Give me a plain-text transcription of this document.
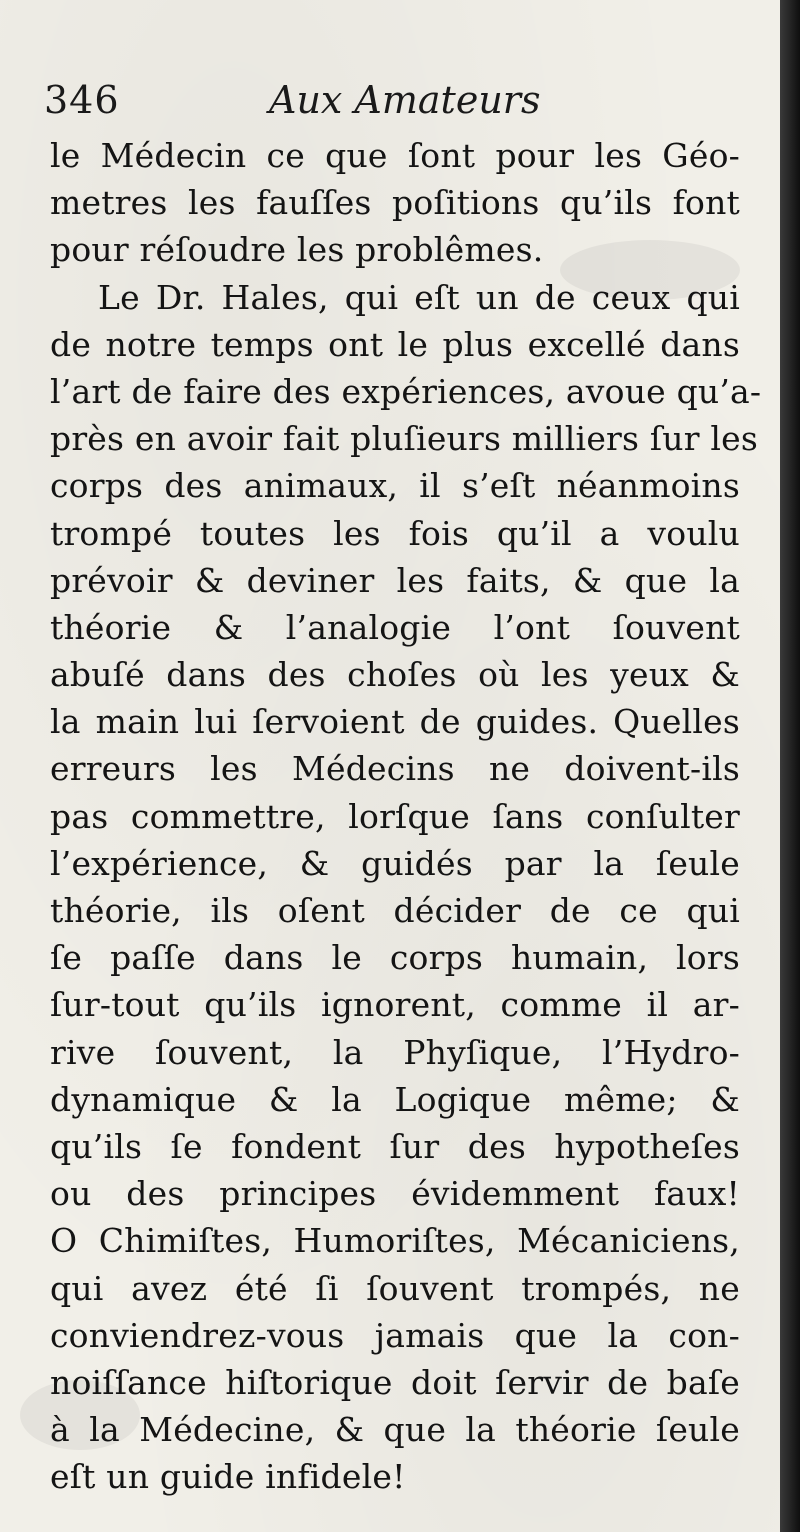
346	Aux Amateurs
le Médecin ce que ſont pour les Géo-
metres les fauſſes poſitions qu’ils font
pour réſoudre les problêmes.
Le Dr. Hales, qui eſt un de ceux qui
de notre temps ont le plus excellé dans
l’art de faire des expériences, avoue qu’a-
près en avoir fait pluſieurs milliers ſur les
corps des animaux, il s’eſt néanmoins
trompé toutes les fois qu’il a voulu
prévoir & deviner les faits, & que la
théorie & l’analogie l’ont ſouvent
abuſé dans des choſes où les yeux &
la main lui ſervoient de guides. Quelles
erreurs les Médecins ne doivent-ils
pas commettre, lorſque ſans conſulter
l’expérience, & guidés par la ſeule
théorie, ils oſent décider de ce qui
ſe paſſe dans le corps humain, lors
ſur-tout qu’ils ignorent, comme il ar-
rive ſouvent, la Phyſique, l’Hydro-
dynamique & la Logique même; &
qu’ils ſe fondent ſur des hypotheſes
ou des principes évidemment faux!
O Chimiſtes, Humoriſtes, Mécaniciens,
qui avez été ſi ſouvent trompés, ne
conviendrez-vous jamais que la con-
noiſſance hiſtorique doit ſervir de baſe
à la Médecine, & que la théorie ſeule
eſt un guide infidele!
